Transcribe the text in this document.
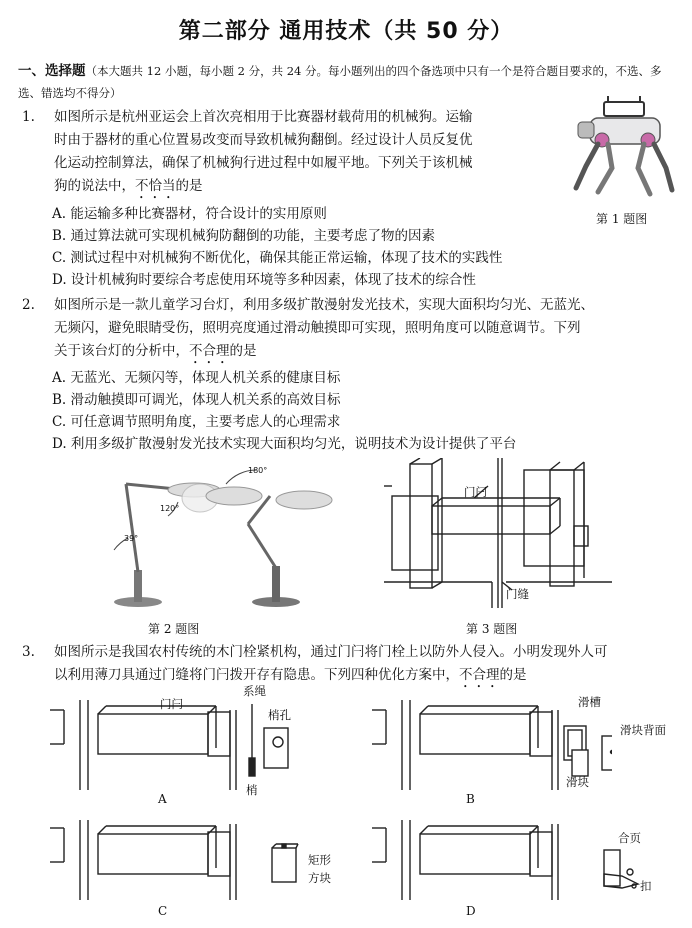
第二部分 通用技术（共 50 分）
一、选择题（本大题共 12 小题，每小题 2 分，共 24 分。每小题列出的四个备选项中只有一个是符合题目要求的，不选、多选、错选均不得分）
1. 如图所示是杭州亚运会上首次亮相用于比赛器材载荷用的机械狗。运输
时由于器材的重心位置易改变而导致机械狗翻倒。经过设计人员反复优
化运动控制算法，确保了机械狗行进过程中如履平地。下列关于该机械
狗的说法中，不恰当的是
A. 能运输多种比赛器材，符合设计的实用原则
B. 通过算法就可实现机械狗防翻倒的功能，主要考虑了物的因素
C. 测试过程中对机械狗不断优化，确保其能正常运输，体现了技术的实践性
D. 设计机械狗时要综合考虑使用环境等多种因素，体现了技术的综合性
第 1 题图
2. 如图所示是一款儿童学习台灯，利用多级扩散漫射发光技术，实现大面积均匀光、无蓝光、
无频闪，避免眼睛受伤，照明亮度通过滑动触摸即可实现，照明角度可以随意调节。下列
关于该台灯的分析中，不合理的是
A. 无蓝光、无频闪等，体现人机关系的健康目标
B. 滑动触摸即可调光，体现人机关系的高效目标
C. 可任意调节照明角度，主要考虑人的心理需求
D. 利用多级扩散漫射发光技术实现大面积均匀光，说明技术为设计提供了平台
180°
120°
39°
第 2 题图
门闩
门缝
第 3 题图
3. 如图所示是我国农村传统的木门栓紧机构，通过门闩将门栓上以防外人侵入。小明发现外人可
以利用薄刀具通过门缝将门闩拨开存有隐患。下列四种优化方案中，不合理的是
门闩
系绳
梢孔
梢
A
滑槽
滑块背面
滑块
B
矩形
方块
C
合页
扣
D
